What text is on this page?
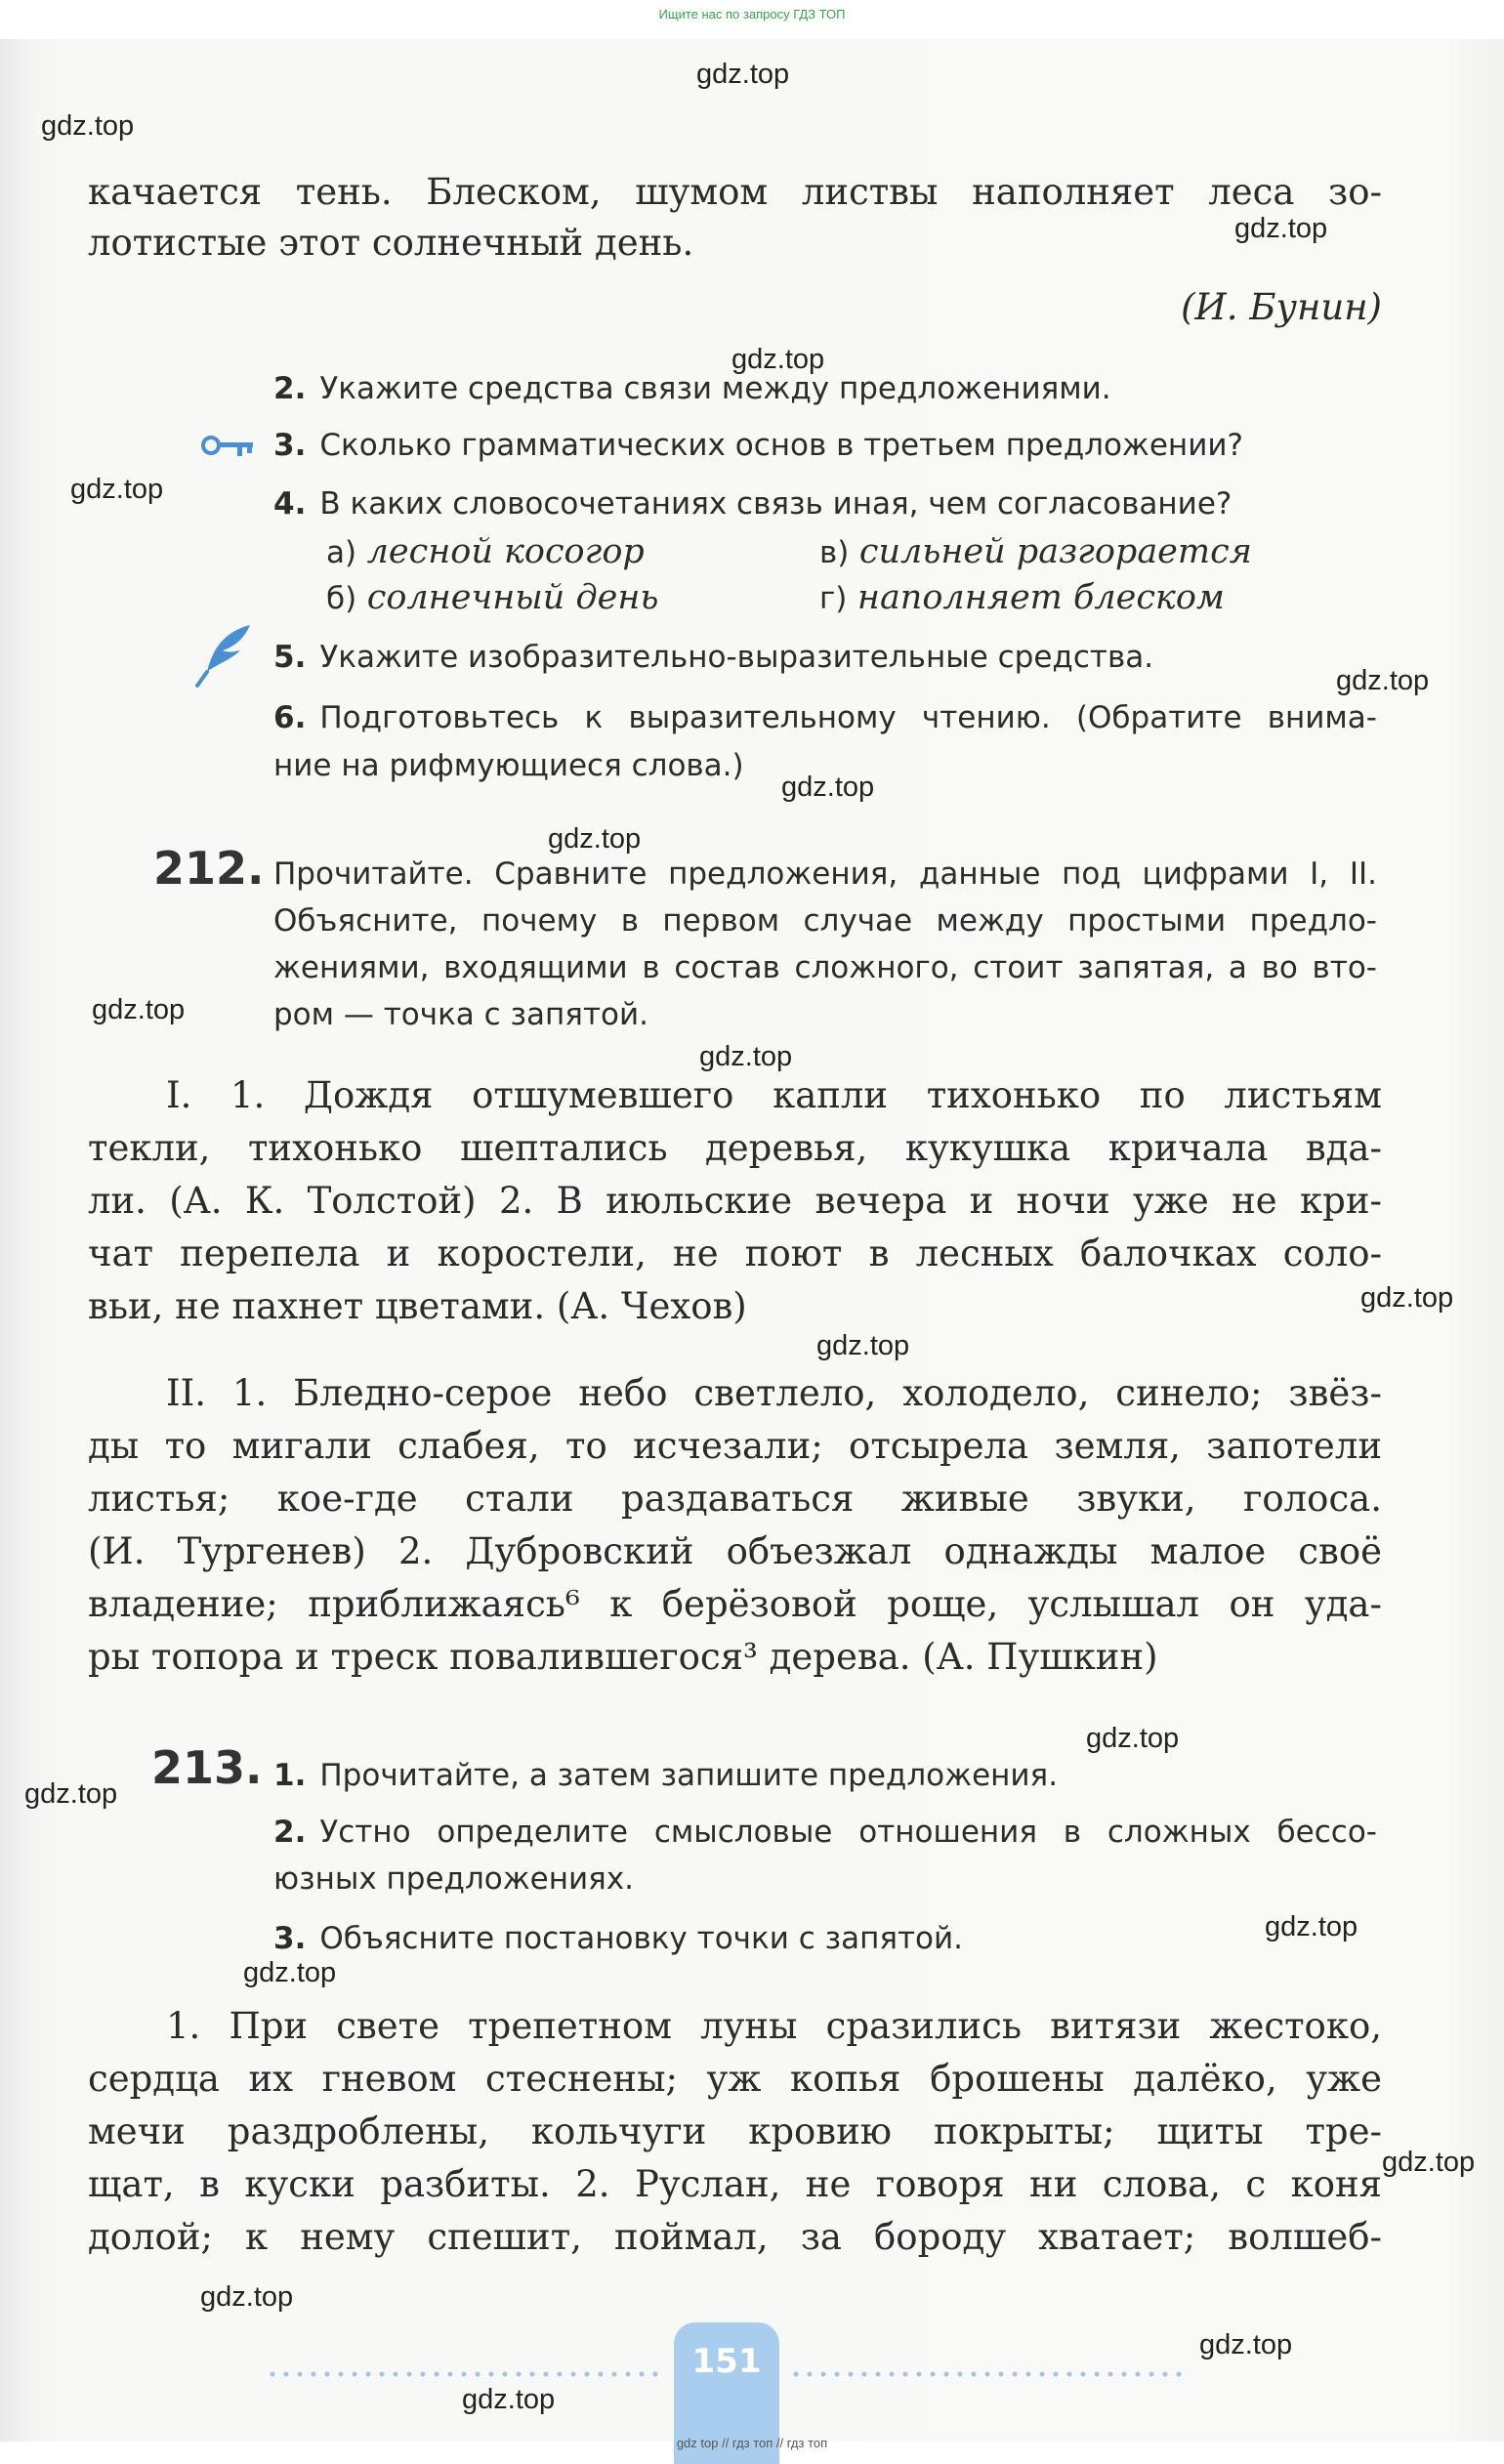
Ищите нас по запросу ГДЗ ТОП
gdz.top
gdz.top
gdz.top
gdz.top
gdz.top
gdz.top
gdz.top
gdz.top
gdz.top
gdz.top
gdz.top
gdz.top
gdz.top
gdz.top
gdz.top
gdz.top
gdz.top
gdz.top
gdz.top
gdz.top
качается тень. Блеском, шумом листвы наполняет леса зо-
лотистые этот солнечный день.
(И. Бунин)
2. Укажите средства связи между предложениями.
3. Сколько грамматических основ в третьем предложении?
4. В каких словосочетаниях связь иная, чем согласование?
а) лесной косогор
б) солнечный день
в) сильней разгорается
г) наполняет блеском
5. Укажите изобразительно-выразительные средства.
6. Подготовьтесь к выразительному чтению. (Обратите внима-
ние на рифмующиеся слова.)
212. Прочитайте. Сравните предложения, данные под цифрами I, II.
Объясните, почему в первом случае между простыми предло-
жениями, входящими в состав сложного, стоит запятая, а во вто-
ром — точка с запятой.
I. 1. Дождя отшумевшего капли тихонько по листьям
текли, тихонько шептались деревья, кукушка кричала вда-
ли. (А. К. Толстой) 2. В июльские вечера и ночи уже не кри-
чат перепела и коростели, не поют в лесных балочках соло-
вьи, не пахнет цветами. (А. Чехов)
II. 1. Бледно-серое небо светлело, холодело, синело; звёз-
ды то мигали слабея, то исчезали; отсырела земля, запотели
листья; кое-где стали раздаваться живые звуки, голоса.
(И. Тургенев) 2. Дубровский объезжал однажды малое своё
владение; приближаясь⁶ к берёзовой роще, услышал он уда-
ры топора и треск повалившегося³ дерева. (А. Пушкин)
213. 1. Прочитайте, а затем запишите предложения.
2. Устно определите смысловые отношения в сложных бессо-
юзных предложениях.
3. Объясните постановку точки с запятой.
1. При свете трепетном луны сразились витязи жестоко,
сердца их гневом стеснены; уж копья брошены далёко, уже
мечи раздроблены, кольчуги кровию покрыты; щиты тре-
щат, в куски разбиты. 2. Руслан, не говоря ни слова, с коня
долой; к нему спешит, поймал, за бороду хватает; волшеб-
151
gdz top // гдз топ // гдз топ
